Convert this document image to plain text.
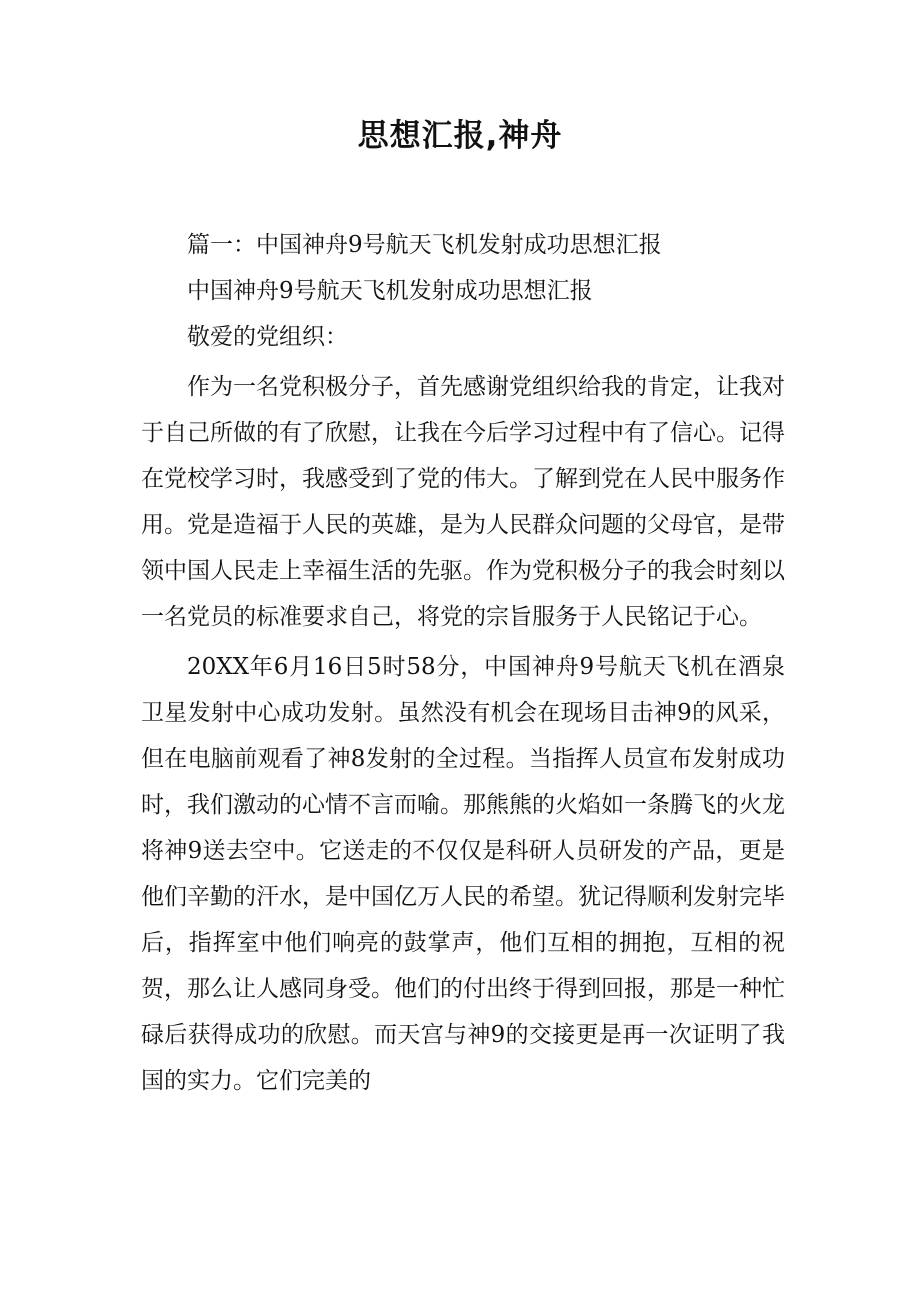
思想汇报,神舟

篇一：中国神舟9号航天飞机发射成功思想汇报

中国神舟9号航天飞机发射成功思想汇报

敬爱的党组织：

作为一名党积极分子，首先感谢党组织给我的肯定，让我对于自己所做的有了欣慰，让我在今后学习过程中有了信心。记得在党校学习时，我感受到了党的伟大。了解到党在人民中服务作用。党是造福于人民的英雄，是为人民群众问题的父母官，是带领中国人民走上幸福生活的先驱。作为党积极分子的我会时刻以一名党员的标准要求自己，将党的宗旨服务于人民铭记于心。

20XX年6月16日5时58分，中国神舟9号航天飞机在酒泉卫星发射中心成功发射。虽然没有机会在现场目击神9的风采，但在电脑前观看了神8发射的全过程。当指挥人员宣布发射成功时，我们激动的心情不言而喻。那熊熊的火焰如一条腾飞的火龙将神9送去空中。它送走的不仅仅是科研人员研发的产品，更是他们辛勤的汗水，是中国亿万人民的希望。犹记得顺利发射完毕后，指挥室中他们响亮的鼓掌声，他们互相的拥抱，互相的祝贺，那么让人感同身受。他们的付出终于得到回报，那是一种忙碌后获得成功的欣慰。而天宫与神9的交接更是再一次证明了我国的实力。它们完美的
